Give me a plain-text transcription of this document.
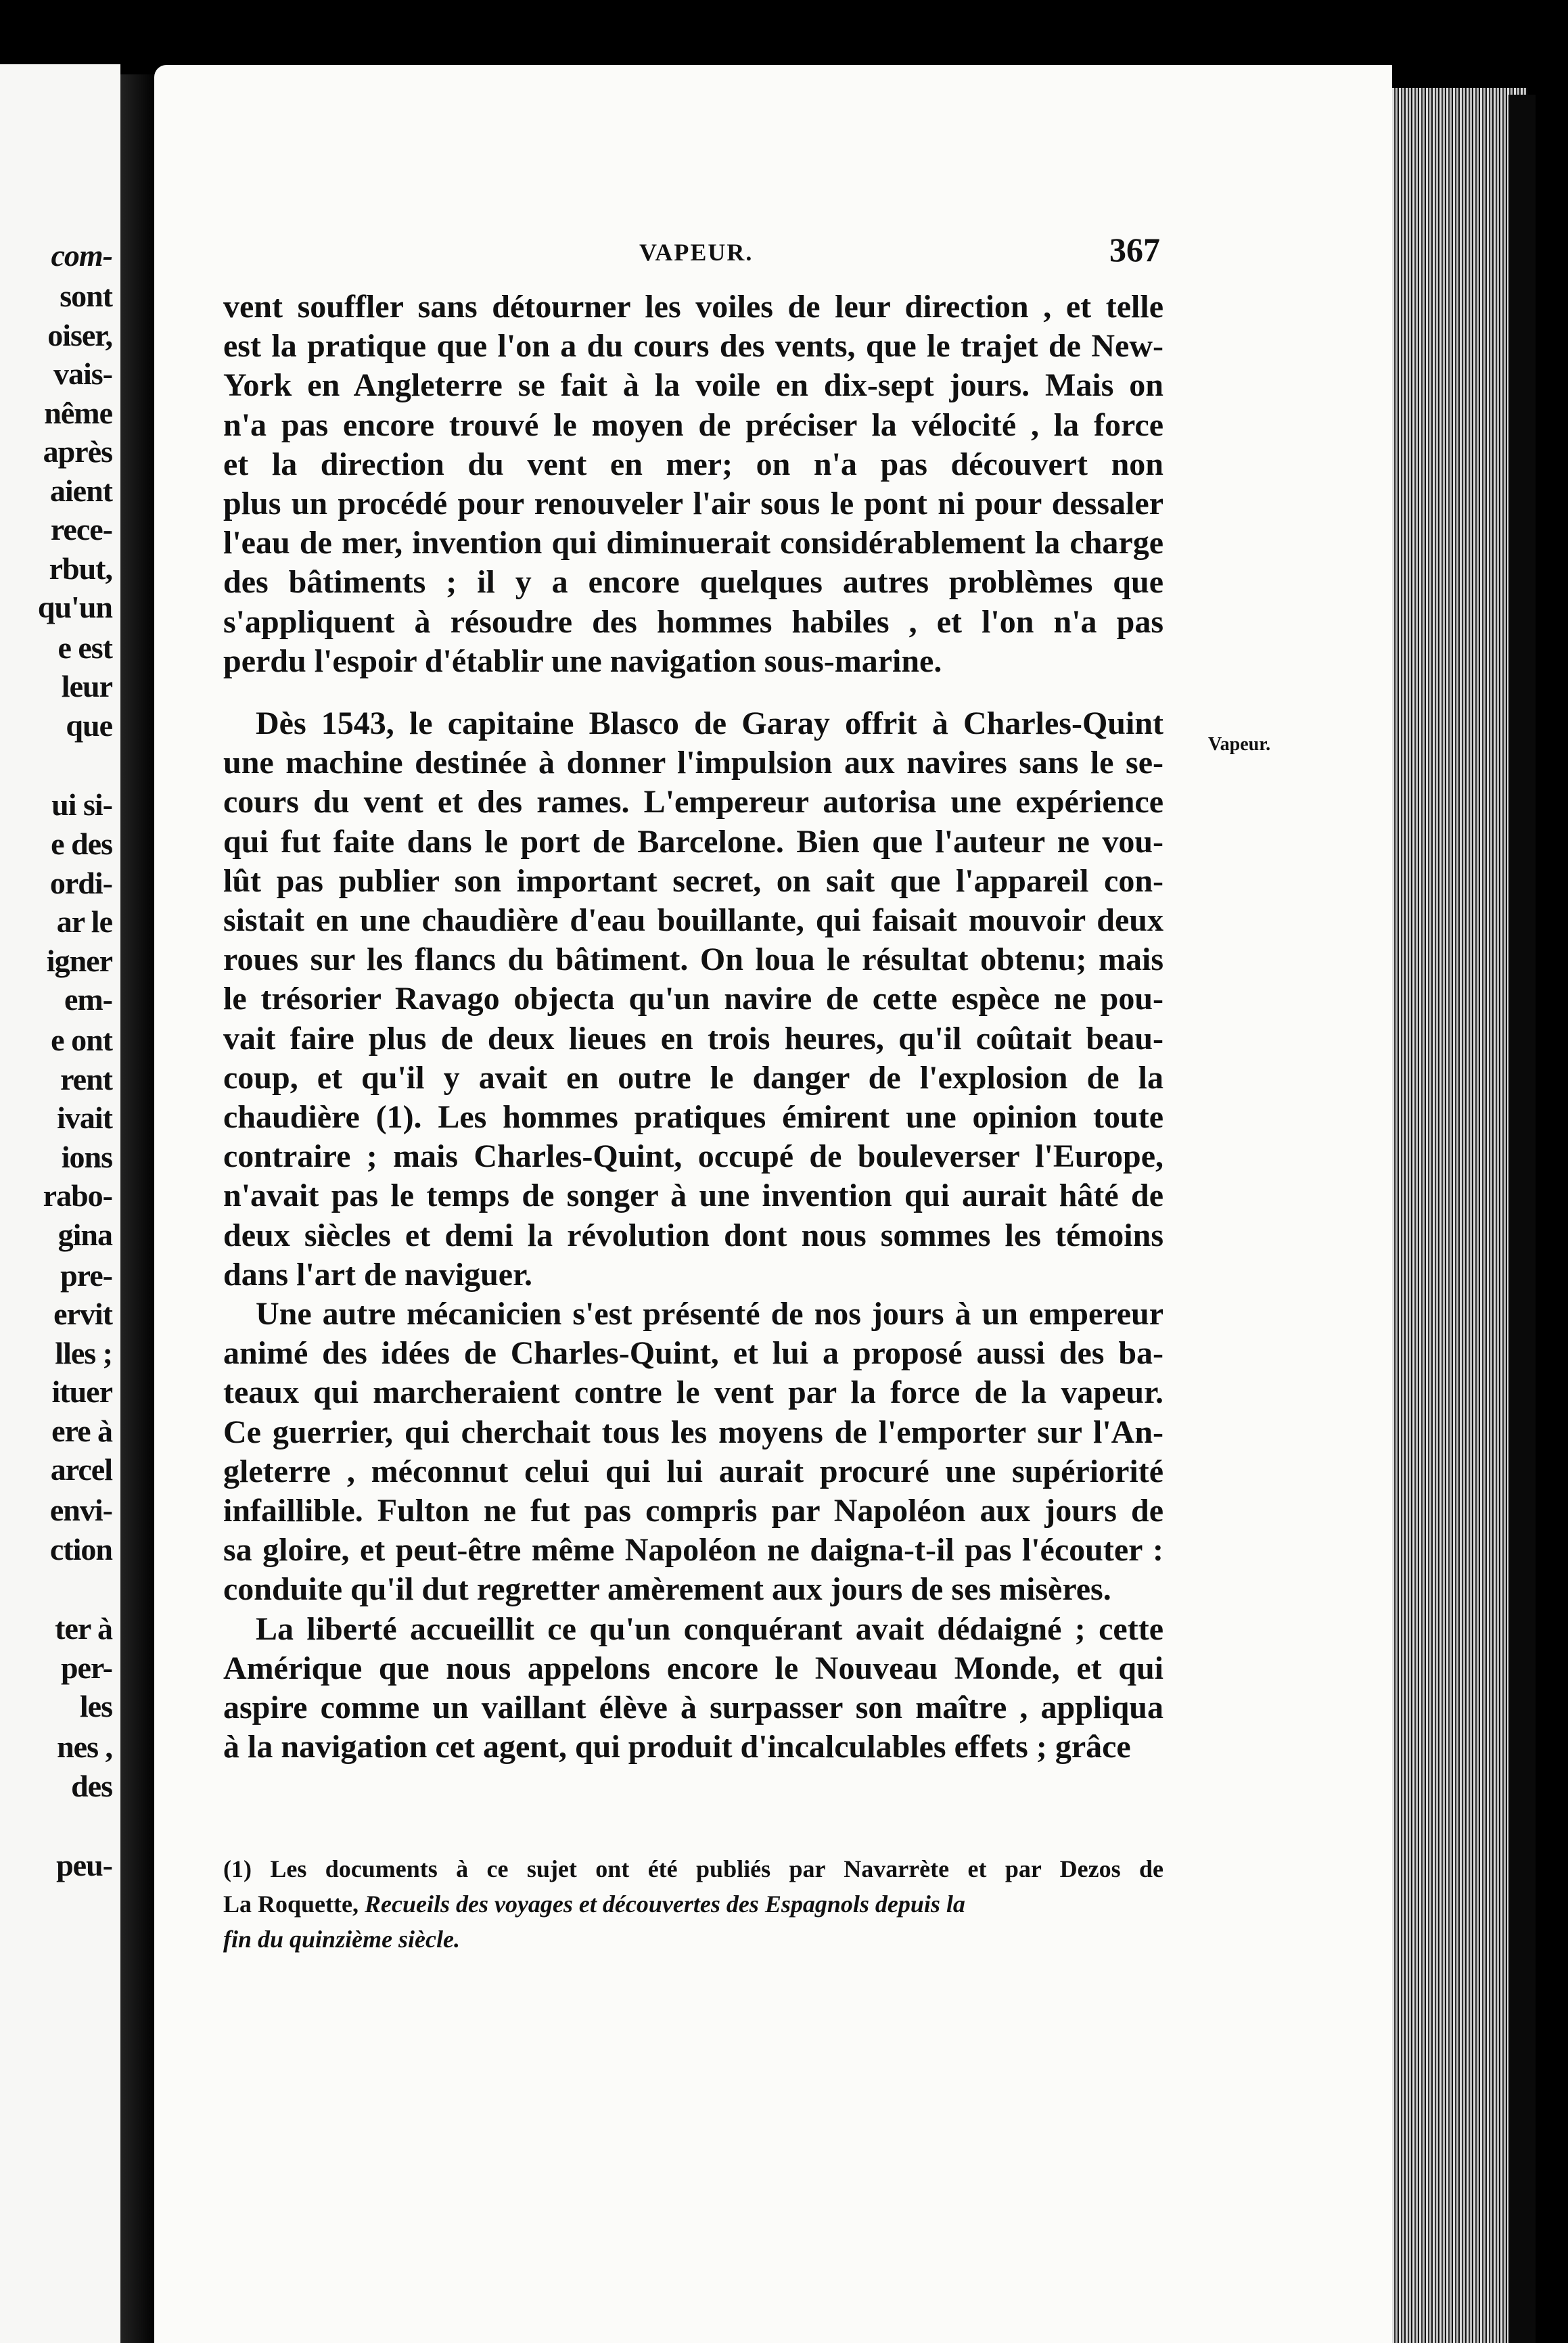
com-
sont
oiser,
vais-
nême
après
aient
rece-
rbut,
qu'un
e est
leur
que
ui si-
e des
ordi-
ar le
igner
em-
e ont
rent
ivait
ions
rabo-
gina
pre-
ervit
lles ;
ituer
ere à
arcel
envi-
ction
ter à
per-
les
nes ,
des
peu-
VAPEUR.	367
Vapeur.
vent souffler sans détourner les voiles de leur direction , et telle
est la pratique que l'on a du cours des vents, que le trajet de New-
York en Angleterre se fait à la voile en dix-sept jours. Mais on
n'a pas encore trouvé le moyen de préciser la vélocité , la force
et la direction du vent en mer; on n'a pas découvert non
plus un procédé pour renouveler l'air sous le pont ni pour dessaler
l'eau de mer, invention qui diminuerait considérablement la charge
des bâtiments ; il y a encore quelques autres problèmes que
s'appliquent à résoudre des hommes habiles , et l'on n'a pas
perdu l'espoir d'établir une navigation sous-marine.
Dès 1543, le capitaine Blasco de Garay offrit à Charles-Quint
une machine destinée à donner l'impulsion aux navires sans le se-
cours du vent et des rames. L'empereur autorisa une expérience
qui fut faite dans le port de Barcelone. Bien que l'auteur ne vou-
lût pas publier son important secret, on sait que l'appareil con-
sistait en une chaudière d'eau bouillante, qui faisait mouvoir deux
roues sur les flancs du bâtiment. On loua le résultat obtenu; mais
le trésorier Ravago objecta qu'un navire de cette espèce ne pou-
vait faire plus de deux lieues en trois heures, qu'il coûtait beau-
coup, et qu'il y avait en outre le danger de l'explosion de la
chaudière (1). Les hommes pratiques émirent une opinion toute
contraire ; mais Charles-Quint, occupé de bouleverser l'Europe,
n'avait pas le temps de songer à une invention qui aurait hâté de
deux siècles et demi la révolution dont nous sommes les témoins
dans l'art de naviguer.
Une autre mécanicien s'est présenté de nos jours à un empereur
animé des idées de Charles-Quint, et lui a proposé aussi des ba-
teaux qui marcheraient contre le vent par la force de la vapeur.
Ce guerrier, qui cherchait tous les moyens de l'emporter sur l'An-
gleterre , méconnut celui qui lui aurait procuré une supériorité
infaillible. Fulton ne fut pas compris par Napoléon aux jours de
sa gloire, et peut-être même Napoléon ne daigna-t-il pas l'écouter :
conduite qu'il dut regretter amèrement aux jours de ses misères.
La liberté accueillit ce qu'un conquérant avait dédaigné ; cette
Amérique que nous appelons encore le Nouveau Monde, et qui
aspire comme un vaillant élève à surpasser son maître , appliqua
à la navigation cet agent, qui produit d'incalculables effets ; grâce
(1) Les documents à ce sujet ont été publiés par Navarrète et par Dezos de
La Roquette, Recueils des voyages et découvertes des Espagnols depuis la
fin du quinzième siècle.
